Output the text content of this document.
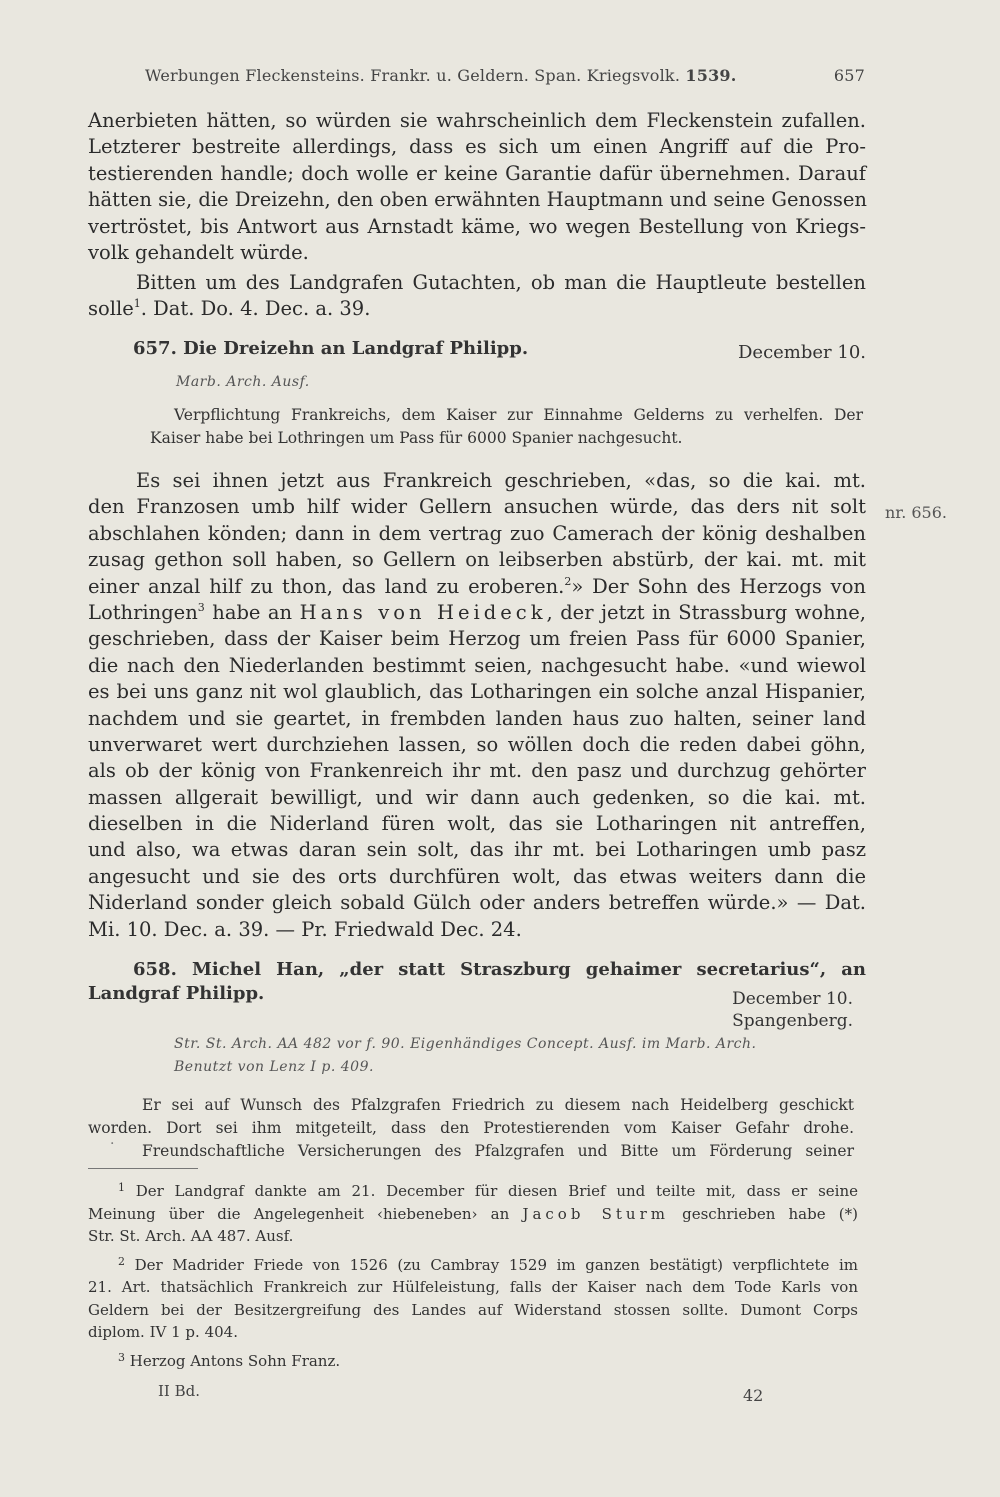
Werbungen Fleckensteins. Frankr. u. Geldern. Span. Kriegsvolk. 1539.	657
Anerbieten hätten, so würden sie wahrscheinlich dem Fleckenstein zufallen.
Letzterer bestreite allerdings, dass es sich um einen Angriff auf die Pro-
testierenden handle; doch wolle er keine Garantie dafür übernehmen. Darauf
hätten sie, die Dreizehn, den oben erwähnten Hauptmann und seine Genossen
vertröstet, bis Antwort aus Arnstadt käme, wo wegen Bestellung von Kriegs-
volk gehandelt würde.
Bitten um des Landgrafen Gutachten, ob man die Hauptleute bestellen
solle$^1$. Dat. Do. 4. Dec. a. 39.
657. Die Dreizehn an Landgraf Philipp.	December 10.
Marb. Arch. Ausf.
Verpflichtung Frankreichs, dem Kaiser zur Einnahme Gelderns zu verhelfen. Der
Kaiser habe bei Lothringen um Pass für 6000 Spanier nachgesucht.
nr. 656.
Es sei ihnen jetzt aus Frankreich geschrieben, «das, so die kai. mt.
den Franzosen umb hilf wider Gellern ansuchen würde, das ders nit solt
abschlahen könden; dann in dem vertrag zuo Camerach der könig deshalben
zusag gethon soll haben, so Gellern on leibserben abstürb, der kai. mt. mit
einer anzal hilf zu thon, das land zu eroberen.$^2$» Der Sohn des Herzogs von
Lothringen$^3$ habe an Hans von Heideck, der jetzt in Strassburg wohne,
geschrieben, dass der Kaiser beim Herzog um freien Pass für 6000 Spanier,
die nach den Niederlanden bestimmt seien, nachgesucht habe. «und wiewol
es bei uns ganz nit wol glaublich, das Lotharingen ein solche anzal Hispanier,
nachdem und sie geartet, in frembden landen haus zuo halten, seiner land
unverwaret wert durchziehen lassen, so wöllen doch die reden dabei göhn,
als ob der könig von Frankenreich ihr mt. den pasz und durchzug gehörter
massen allgerait bewilligt, und wir dann auch gedenken, so die kai. mt.
dieselben in die Niderland füren wolt, das sie Lotharingen nit antreffen,
und also, wa etwas daran sein solt, das ihr mt. bei Lotharingen umb pasz
angesucht und sie des orts durchfüren wolt, das etwas weiters dann die
Niderland sonder gleich sobald Gülch oder anders betreffen würde.» — Dat.
Mi. 10. Dec. a. 39. — Pr. Friedwald Dec. 24.
658. Michel Han, „der statt Straszburg gehaimer secretarius“, an
Landgraf Philipp.	December 10.
Spangenberg.
Str. St. Arch. AA 482 vor f. 90. Eigenhändiges Concept. Ausf. im Marb. Arch.
Benutzt von Lenz I p. 409.
Er sei auf Wunsch des Pfalzgrafen Friedrich zu diesem nach Heidelberg geschickt
worden. Dort sei ihm mitgeteilt, dass den Protestierenden vom Kaiser Gefahr drohe.
Freundschaftliche Versicherungen des Pfalzgrafen und Bitte um Förderung seiner
·
$^1$ Der Landgraf dankte am 21. December für diesen Brief und teilte mit, dass er seine
Meinung über die Angelegenheit ‹hiebeneben› an Jacob Sturm geschrieben habe (*)
Str. St. Arch. AA 487. Ausf.
$^2$ Der Madrider Friede von 1526 (zu Cambray 1529 im ganzen bestätigt) verpflichtete im
21. Art. thatsächlich Frankreich zur Hülfeleistung, falls der Kaiser nach dem Tode Karls von
Geldern bei der Besitzergreifung des Landes auf Widerstand stossen sollte. Dumont Corps
diplom. IV 1 p. 404.
$^3$ Herzog Antons Sohn Franz.
II Bd.	42
